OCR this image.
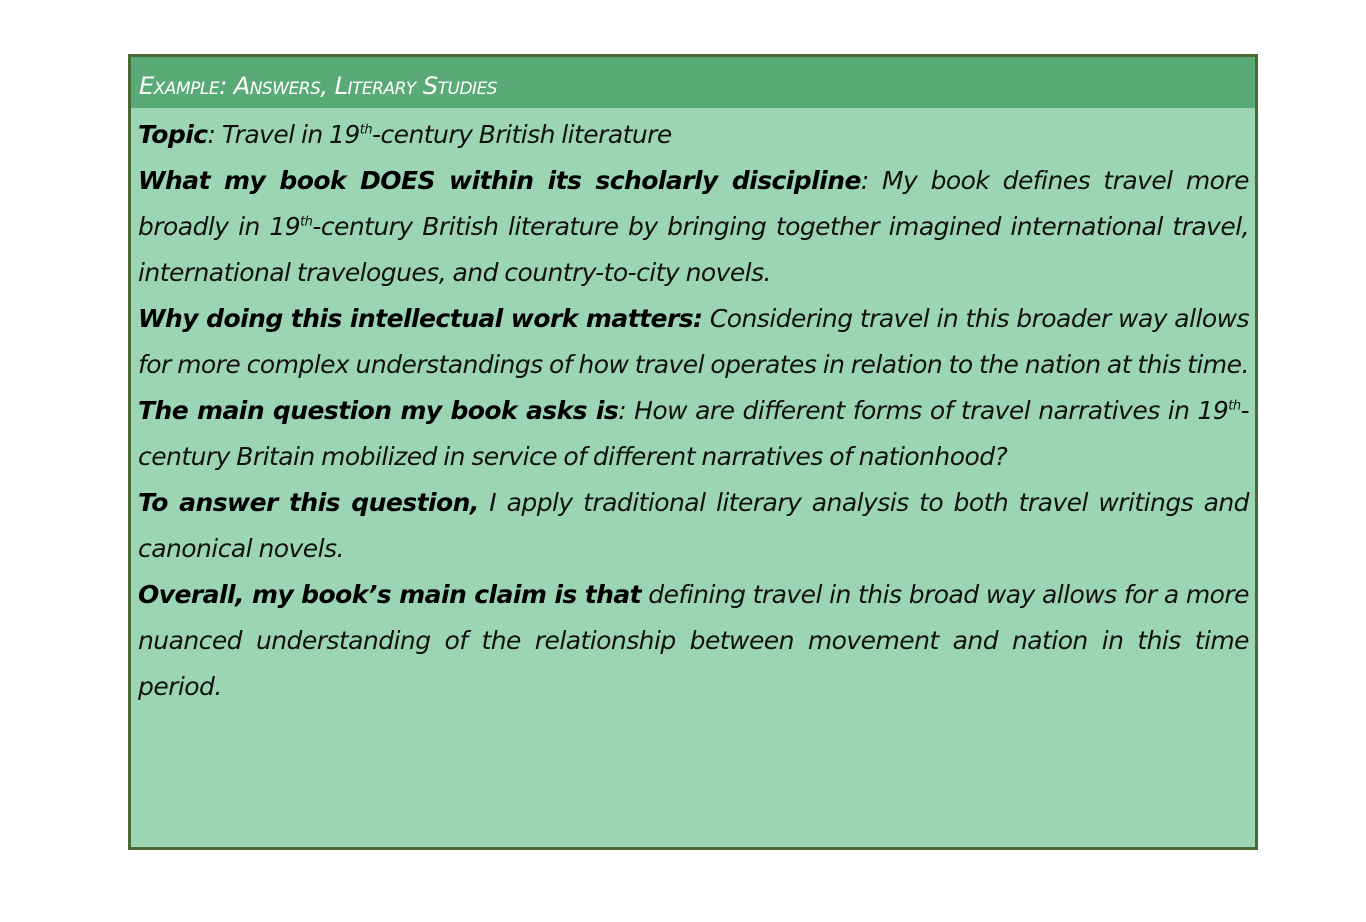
Example: Answers, Literary Studies

Topic: Travel in 19th-century British literature

What my book DOES within its scholarly discipline: My book defines travel more broadly in 19th-century British literature by bringing together imagined international travel, international travelogues, and country-to-city novels.

Why doing this intellectual work matters: Considering travel in this broader way allows for more complex understandings of how travel operates in relation to the nation at this time.

The main question my book asks is: How are different forms of travel narratives in 19th-century Britain mobilized in service of different narratives of nationhood?

To answer this question, I apply traditional literary analysis to both travel writings and canonical novels.

Overall, my book’s main claim is that defining travel in this broad way allows for a more nuanced understanding of the relationship between movement and nation in this time period.
